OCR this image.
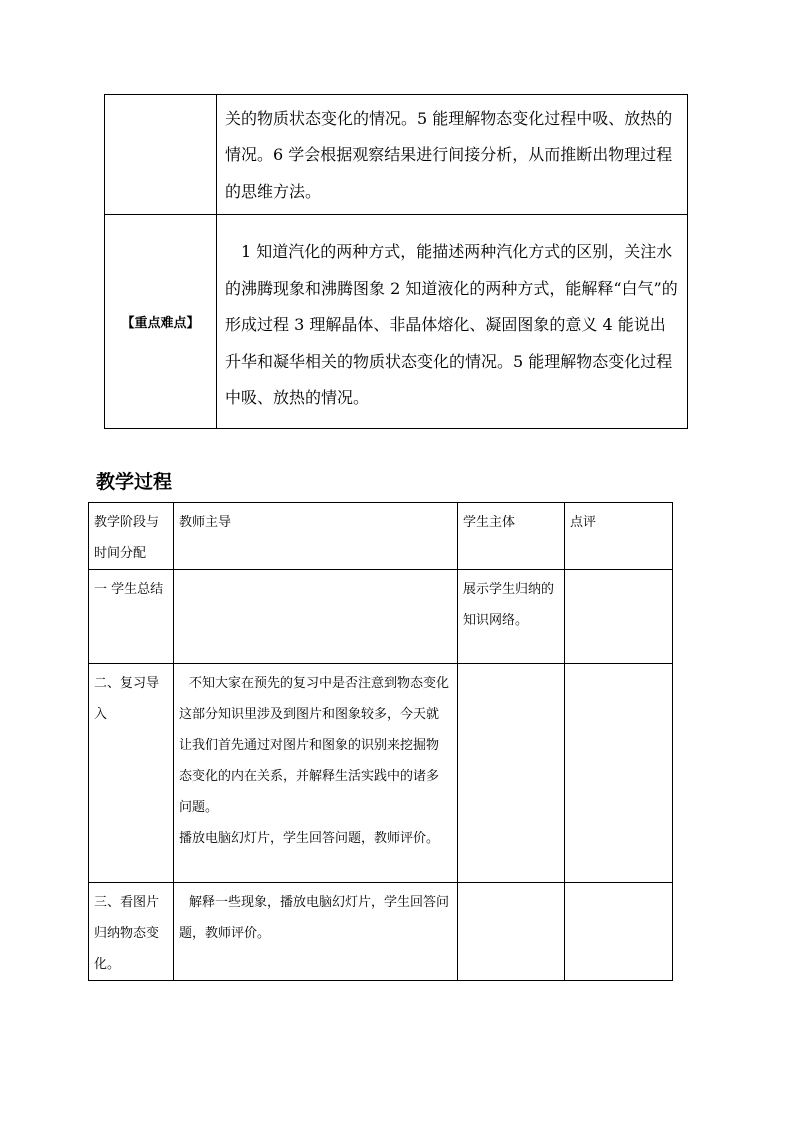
	关的物质状态变化的情况。5 能理解物态变化过程中吸、放热的情况。6 学会根据观察结果进行间接分析，从而推断出物理过程的思维方法。
【重点难点】	1 知道汽化的两种方式，能描述两种汽化方式的区别，关注水的沸腾现象和沸腾图象 2 知道液化的两种方式，能解释“白气”的形成过程 3 理解晶体、非晶体熔化、凝固图象的意义 4 能说出升华和凝华相关的物质状态变化的情况。5 能理解物态变化过程中吸、放热的情况。
教学过程
教学阶段与时间分配	教师主导	学生主体	点评
一 学生总结		展示学生归纳的知识网络。	
二、复习导入	不知大家在预先的复习中是否注意到物态变化这部分知识里涉及到图片和图象较多，今天就让我们首先通过对图片和图象的识别来挖掘物态变化的内在关系，并解释生活实践中的诸多问题。
播放电脑幻灯片，学生回答问题，教师评价。		

三、看图片归纳物态变化。	解释一些现象，播放电脑幻灯片，学生回答问题，教师评价。		
